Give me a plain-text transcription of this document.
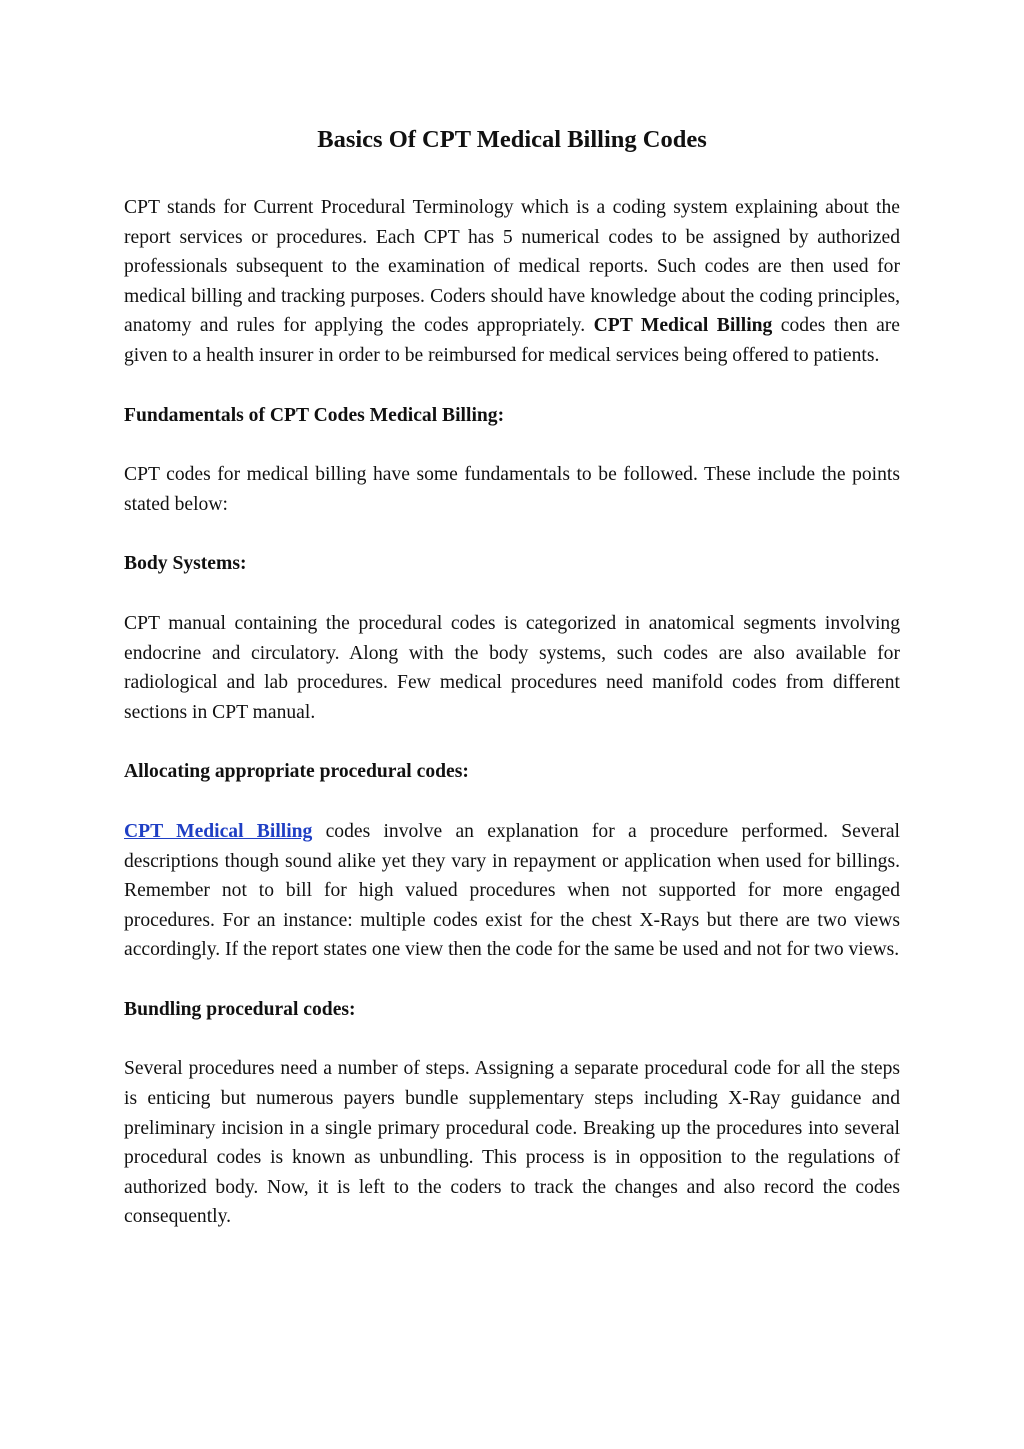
Basics Of CPT Medical Billing Codes

CPT stands for Current Procedural Terminology which is a coding system explaining about the report services or procedures. Each CPT has 5 numerical codes to be assigned by authorized professionals subsequent to the examination of medical reports. Such codes are then used for medical billing and tracking purposes. Coders should have knowledge about the coding principles, anatomy and rules for applying the codes appropriately. CPT Medical Billing codes then are given to a health insurer in order to be reimbursed for medical services being offered to patients.

Fundamentals of CPT Codes Medical Billing:

CPT codes for medical billing have some fundamentals to be followed. These include the points stated below:

Body Systems:

CPT manual containing the procedural codes is categorized in anatomical segments involving endocrine and circulatory. Along with the body systems, such codes are also available for radiological and lab procedures. Few medical procedures need manifold codes from different sections in CPT manual.

Allocating appropriate procedural codes:

CPT Medical Billing codes involve an explanation for a procedure performed. Several descriptions though sound alike yet they vary in repayment or application when used for billings. Remember not to bill for high valued procedures when not supported for more engaged procedures. For an instance: multiple codes exist for the chest X-Rays but there are two views accordingly. If the report states one view then the code for the same be used and not for two views.

Bundling procedural codes:

Several procedures need a number of steps. Assigning a separate procedural code for all the steps is enticing but numerous payers bundle supplementary steps including X-Ray guidance and preliminary incision in a single primary procedural code. Breaking up the procedures into several procedural codes is known as unbundling. This process is in opposition to the regulations of authorized body. Now, it is left to the coders to track the changes and also record the codes consequently.
